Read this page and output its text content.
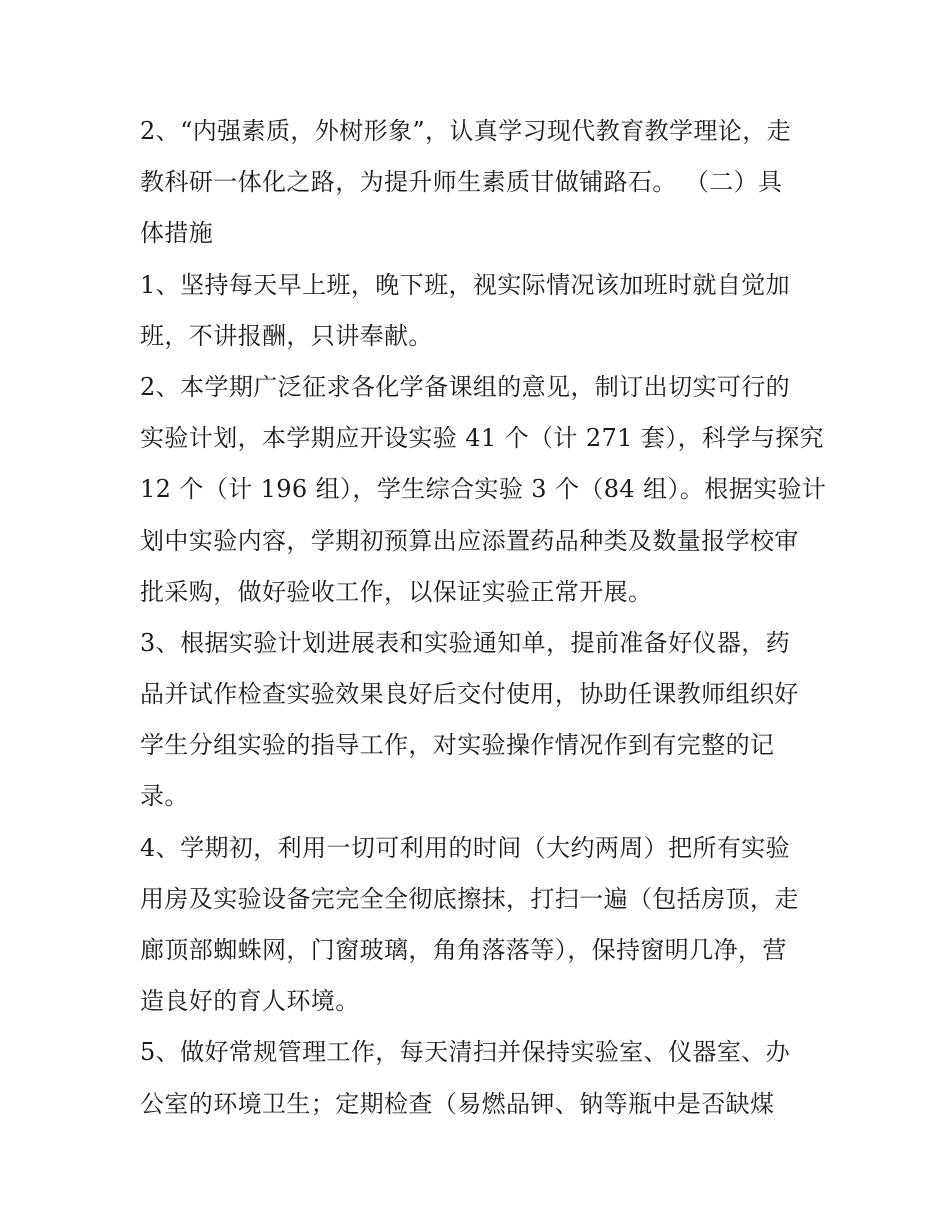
2、“内强素质，外树形象”，认真学习现代教育教学理论，走
教科研一体化之路，为提升师生素质甘做铺路石。 （二）具
体措施
1、坚持每天早上班，晚下班，视实际情况该加班时就自觉加
班，不讲报酬，只讲奉献。
2、本学期广泛征求各化学备课组的意见，制订出切实可行的
实验计划，本学期应开设实验 41 个（计 271 套），科学与探究
12 个（计 196 组），学生综合实验 3 个（84 组）。根据实验计
划中实验内容，学期初预算出应添置药品种类及数量报学校审
批采购，做好验收工作，以保证实验正常开展。
3、根据实验计划进展表和实验通知单，提前准备好仪器，药
品并试作检查实验效果良好后交付使用，协助任课教师组织好
学生分组实验的指导工作，对实验操作情况作到有完整的记
录。
4、学期初，利用一切可利用的时间（大约两周）把所有实验
用房及实验设备完完全全彻底擦抹，打扫一遍（包括房顶，走
廊顶部蜘蛛网，门窗玻璃，角角落落等），保持窗明几净，营
造良好的育人环境。
5、做好常规管理工作，每天清扫并保持实验室、仪器室、办
公室的环境卫生；定期检查（易燃品钾、钠等瓶中是否缺煤
